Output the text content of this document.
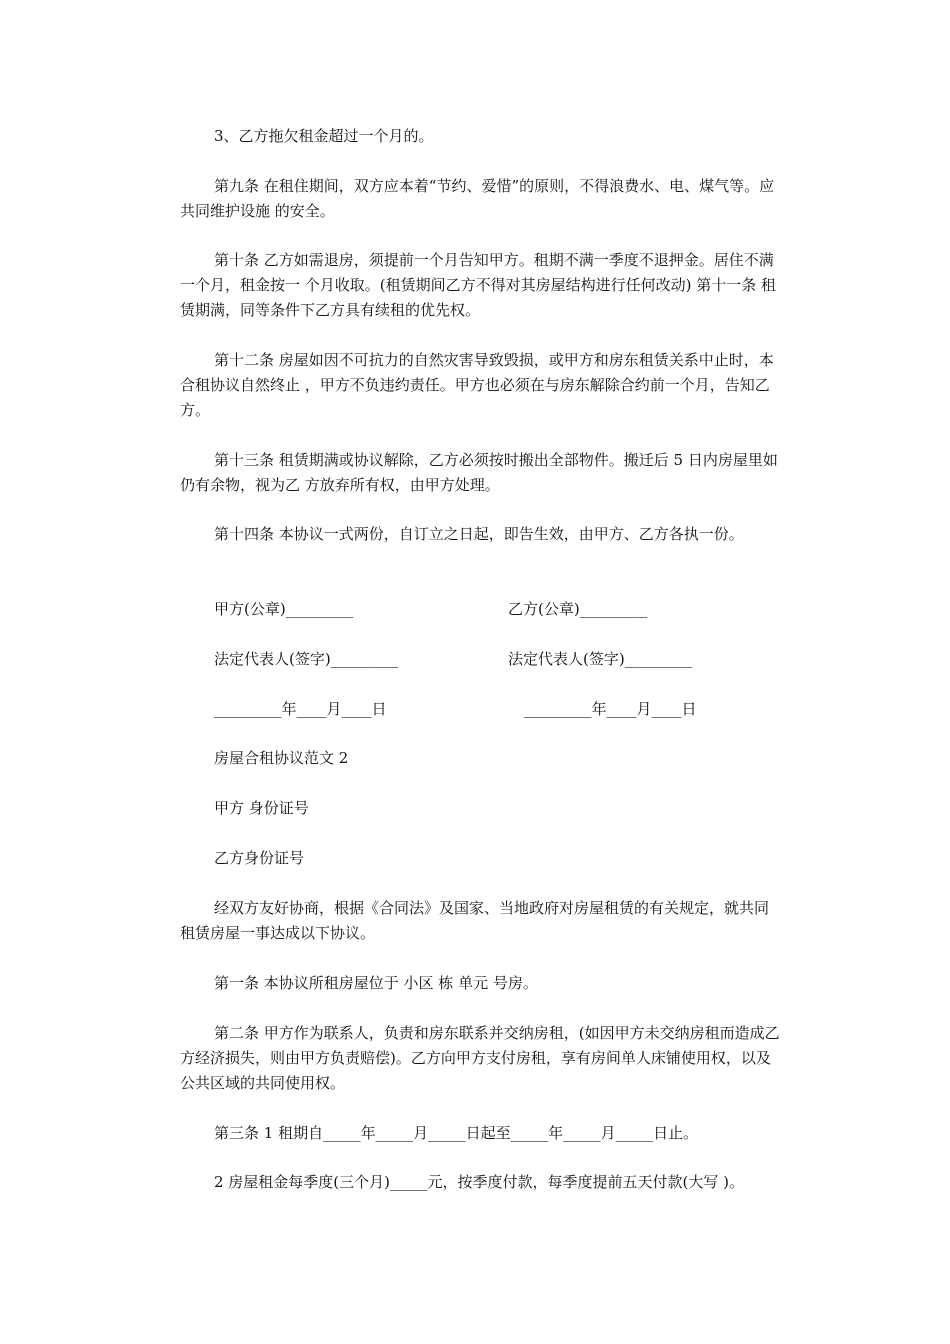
3、乙方拖欠租金超过一个月的。

第九条 在租住期间，双方应本着“节约、爱惜”的原则，不得浪费水、电、煤气等。应共同维护设施 的安全。

第十条 乙方如需退房，须提前一个月告知甲方。租期不满一季度不退押金。居住不满一个月，租金按一 个月收取。(租赁期间乙方不得对其房屋结构进行任何改动) 第十一条 租赁期满，同等条件下乙方具有续租的优先权。

第十二条 房屋如因不可抗力的自然灾害导致毁损，或甲方和房东租赁关系中止时，本合租协议自然终止 ，甲方不负违约责任。甲方也必须在与房东解除合约前一个月，告知乙方。

第十三条 租赁期满或协议解除，乙方必须按时搬出全部物件。搬迁后 5 日内房屋里如仍有余物，视为乙 方放弃所有权，由甲方处理。

第十四条 本协议一式两份，自订立之日起，即告生效，由甲方、乙方各执一份。

甲方(公章)_________	乙方(公章)_________
法定代表人(签字)_________	法定代表人(签字)_________
_________年____月____日	_________年____月____日
房屋合租协议范文 2
甲方 身份证号
乙方身份证号

经双方友好协商，根据《合同法》及国家、当地政府对房屋租赁的有关规定，就共同租赁房屋一事达成以下协议。

第一条 本协议所租房屋位于 小区 栋 单元 号房。

第二条 甲方作为联系人，负责和房东联系并交纳房租，(如因甲方未交纳房租而造成乙方经济损失，则由甲方负责赔偿)。乙方向甲方支付房租，享有房间单人床铺使用权，以及公共区域的共同使用权。

第三条 1 租期自_____年_____月_____日起至_____年_____月_____日止。

2 房屋租金每季度(三个月)_____元，按季度付款，每季度提前五天付款(大写 )。
